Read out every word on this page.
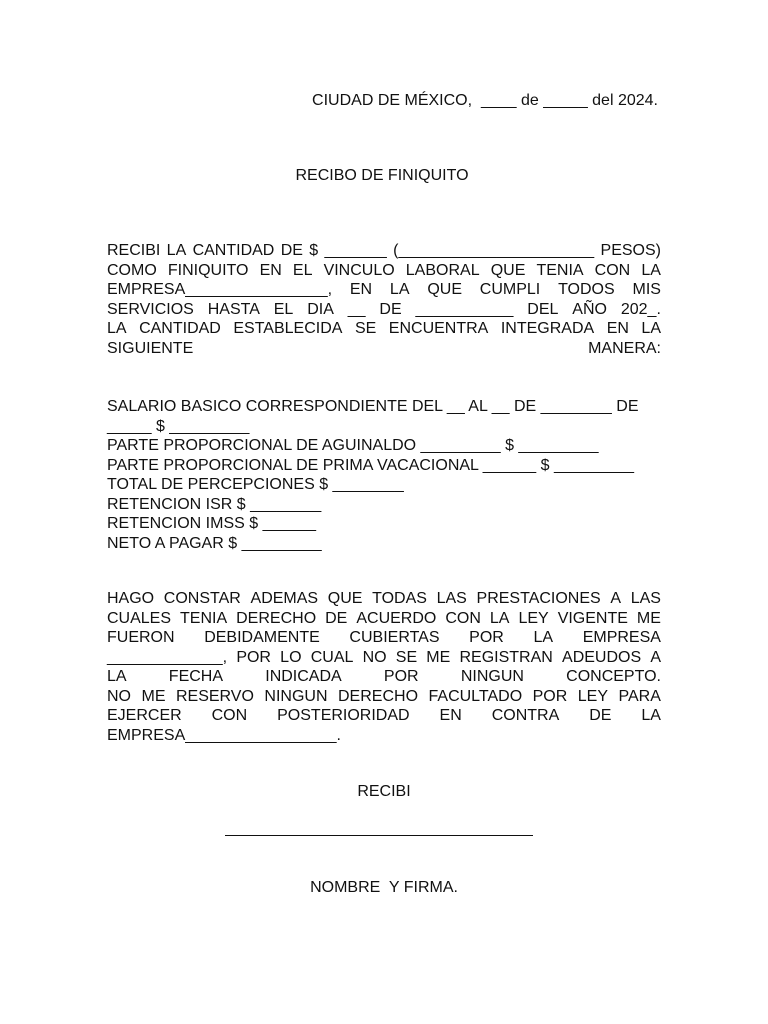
CIUDAD DE MÉXICO,  ____ de _____ del 2024.
RECIBO DE FINIQUITO
RECIBI LA CANTIDAD DE $ _______ (______________________ PESOS)
COMO FINIQUITO EN EL VINCULO LABORAL QUE TENIA CON LA
EMPRESA________________, EN LA QUE CUMPLI TODOS MIS
SERVICIOS HASTA EL DIA __ DE ___________ DEL AÑO 202_.
LA CANTIDAD ESTABLECIDA SE ENCUENTRA INTEGRADA EN LA
SIGUIENTE	MANERA:
SALARIO BASICO CORRESPONDIENTE DEL __ AL __ DE ________ DE
_____ $ _________
PARTE PROPORCIONAL DE AGUINALDO _________ $ _________
PARTE PROPORCIONAL DE PRIMA VACACIONAL ______ $ _________
TOTAL DE PERCEPCIONES $ ________
RETENCION ISR $ ________
RETENCION IMSS $ ______
NETO A PAGAR $ _________
HAGO CONSTAR ADEMAS QUE TODAS LAS PRESTACIONES A LAS
CUALES TENIA DERECHO DE ACUERDO CON LA LEY VIGENTE ME
FUERON DEBIDAMENTE CUBIERTAS POR LA EMPRESA
_____________, POR LO CUAL NO SE ME REGISTRAN ADEUDOS A
LA	FECHA	INDICADA	POR	NINGUN	CONCEPTO.
NO ME RESERVO NINGUN DERECHO FACULTADO POR LEY PARA
EJERCER CON POSTERIORIDAD EN CONTRA DE LA
EMPRESA_________________.
RECIBI
NOMBRE  Y FIRMA.
